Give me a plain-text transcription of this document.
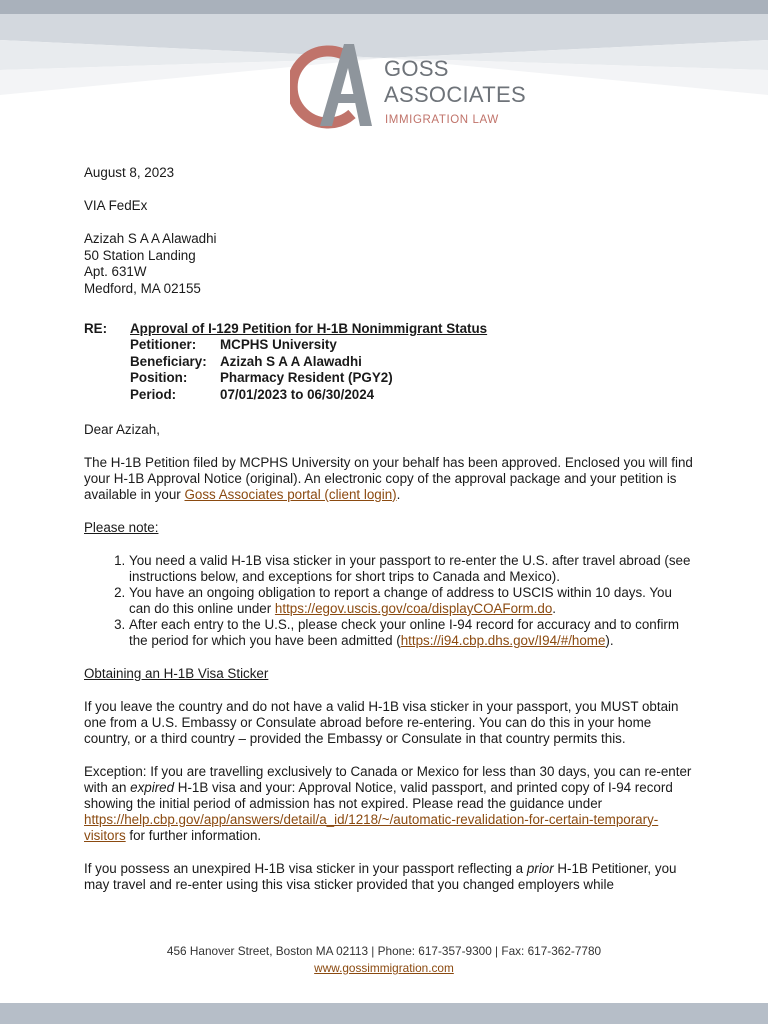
GOSS
ASSOCIATES
IMMIGRATION LAW

August 8, 2023

VIA FedEx

Azizah S A A Alawadhi
50 Station Landing
Apt. 631W
Medford, MA 02155
RE:	Approval of I-129 Petition for H-1B Nonimmigrant Status
Petitioner:	MCPHS University
Beneficiary: Azizah S A A Alawadhi
Position:	Pharmacy Resident (PGY2)
Period:	07/01/2023 to 06/30/2024

Dear Azizah,

The H-1B Petition filed by MCPHS University on your behalf has been approved. Enclosed you will find your H-1B Approval Notice (original). An electronic copy of the approval package and your petition is available in your Goss Associates portal (client login).

Please note:

1. You need a valid H-1B visa sticker in your passport to re-enter the U.S. after travel abroad (see instructions below, and exceptions for short trips to Canada and Mexico).
2. You have an ongoing obligation to report a change of address to USCIS within 10 days. You can do this online under https://egov.uscis.gov/coa/displayCOAForm.do.
3. After each entry to the U.S., please check your online I-94 record for accuracy and to confirm the period for which you have been admitted (https://i94.cbp.dhs.gov/I94/#/home).

Obtaining an H-1B Visa Sticker

If you leave the country and do not have a valid H-1B visa sticker in your passport, you MUST obtain one from a U.S. Embassy or Consulate abroad before re-entering. You can do this in your home country, or a third country – provided the Embassy or Consulate in that country permits this.

Exception: If you are travelling exclusively to Canada or Mexico for less than 30 days, you can re-enter with an expired H-1B visa and your: Approval Notice, valid passport, and printed copy of I-94 record showing the initial period of admission has not expired. Please read the guidance under https://help.cbp.gov/app/answers/detail/a_id/1218/~/automatic-revalidation-for-certain-temporary-visitors for further information.

If you possess an unexpired H-1B visa sticker in your passport reflecting a prior H-1B Petitioner, you may travel and re-enter using this visa sticker provided that you changed employers while

456 Hanover Street, Boston MA 02113 | Phone: 617-357-9300 | Fax: 617-362-7780
www.gossimmigration.com
